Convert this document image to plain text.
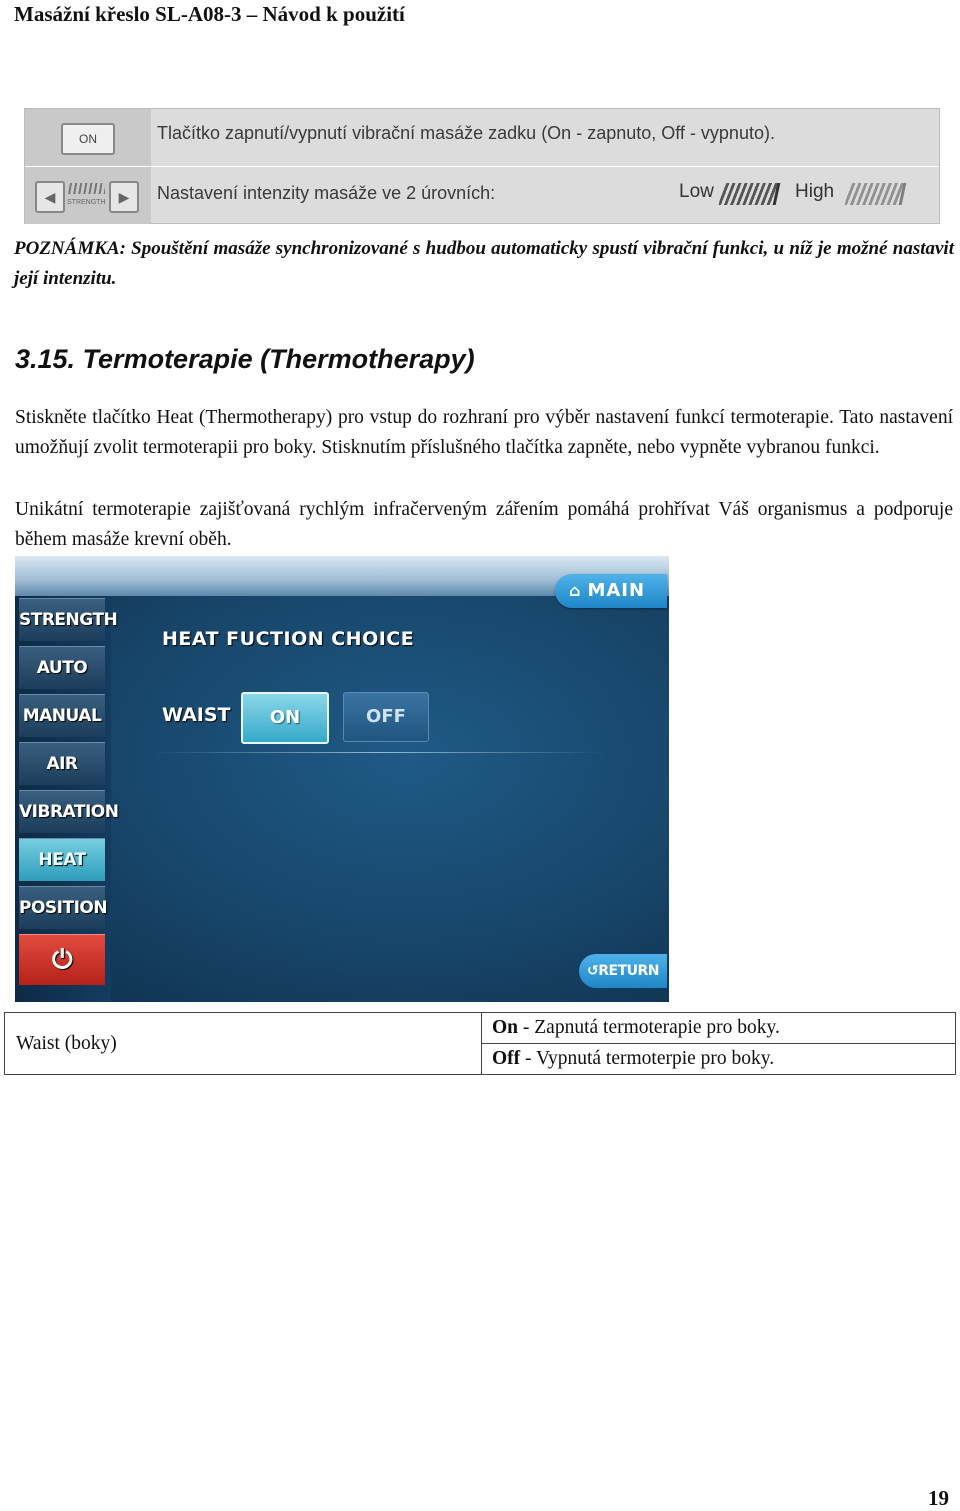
Masážní křeslo SL-A08-3 – Návod k použití
ON	Tlačítko zapnutí/vypnutí vibrační masáže zadku (On - zapnuto, Off - vypnuto).
◀	STRENGTH ▶	Nastavení intenzity masáže ve 2 úrovních:	Low	High
POZNÁMKA: Spouštění masáže synchronizované s hudbou automaticky spustí vibrační funkci, u níž je možné nastavit její intenzitu.
3.15. Termoterapie (Thermotherapy)
Stiskněte tlačítko Heat (Thermotherapy) pro vstup do rozhraní pro výběr nastavení funkcí termoterapie. Tato nastavení umožňují zvolit termoterapii pro boky. Stisknutím příslušného tlačítka zapněte, nebo vypněte vybranou funkci.
Unikátní termoterapie zajišťovaná rychlým infračerveným zářením pomáhá prohřívat Váš organismus a podporuje během masáže krevní oběh.
⌂ MAIN
STRENGTH
AUTO
MANUAL
AIR
VIBRATION
HEAT
POSITION
⏻
HEAT FUCTION CHOICE
WAIST	ON	OFF
↺RETURN
Waist (boky)	On - Zapnutá termoterapie pro boky.
Off - Vypnutá termoterpie pro boky.
19
